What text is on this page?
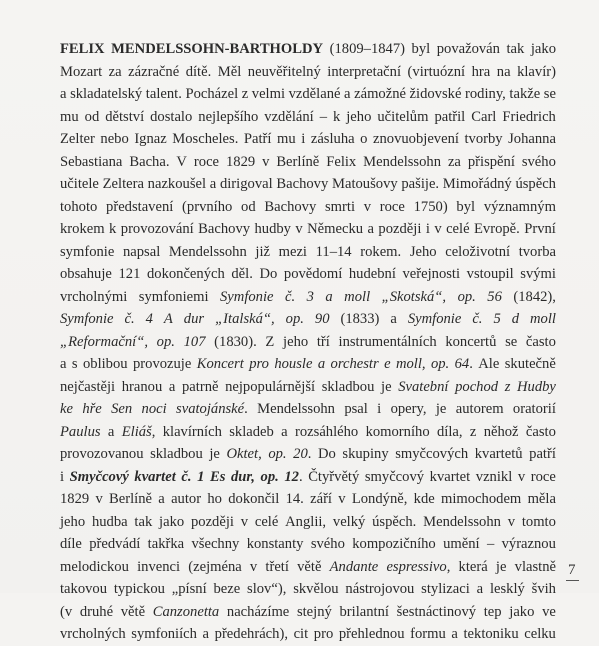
FELIX MENDELSSOHN-BARTHOLDY (1809–1847) byl považován tak jako
Mozart za zázračné dítě. Měl neuvěřitelný interpretační (virtuózní hra na klavír)
a skladatelský talent. Pocházel z velmi vzdělané a zámožné židovské rodiny, takže se
mu od dětství dostalo nejlepšího vzdělání – k jeho učitelům patřil Carl Friedrich
Zelter nebo Ignaz Moscheles. Patří mu i zásluha o znovuobjevení tvorby Johanna
Sebastiana Bacha. V roce 1829 v Berlíně Felix Mendelssohn za přispění svého
učitele Zeltera nazkoušel a dirigoval Bachovy Matoušovy pašije. Mimořádný úspěch
tohoto představení (prvního od Bachovy smrti v roce 1750) byl významným
krokem k provozování Bachovy hudby v Německu a později i v celé Evropě. První
symfonie napsal Mendelssohn již mezi 11–14 rokem. Jeho celoživotní tvorba
obsahuje 121 dokončených děl. Do povědomí hudební veřejnosti vstoupil svými
vrcholnými symfoniemi Symfonie č. 3 a moll „Skotská“, op. 56 (1842),
Symfonie č. 4 A dur „Italská“, op. 90 (1833) a Symfonie č. 5 d moll
„Reformační“, op. 107 (1830). Z jeho tří instrumentálních koncertů se často
a s oblibou provozuje Koncert pro housle a orchestr e moll, op. 64. Ale skutečně
nejčastěji hranou a patrně nejpopulárnější skladbou je Svatební pochod z Hudby
ke hře Sen noci svatojánské. Mendelssohn psal i opery, je autorem oratorií
Paulus a Eliáš, klavírních skladeb a rozsáhlého komorního díla, z něhož často
provozovanou skladbou je Oktet, op. 20. Do skupiny smyčcových kvartetů patří
i Smyčcový kvartet č. 1 Es dur, op. 12. Čtyřvětý smyčcový kvartet vznikl v roce
1829 v Berlíně a autor ho dokončil 14. září v Londýně, kde mimochodem měla
jeho hudba tak jako později v celé Anglii, velký úspěch. Mendelssohn v tomto
díle předvádí takřka všechny konstanty svého kompozičního umění – výraznou
melodickou invenci (zejména v třetí větě Andante espressivo, která je vlastně
takovou typickou „písní beze slov“), skvělou nástrojovou stylizaci a lesklý švih
(v druhé větě Canzonetta nacházíme stejný brilantní šestnáctinový tep jako ve
vrcholných symfoniích a předehrách), cit pro přehlednou formu a tektoniku celku
7
